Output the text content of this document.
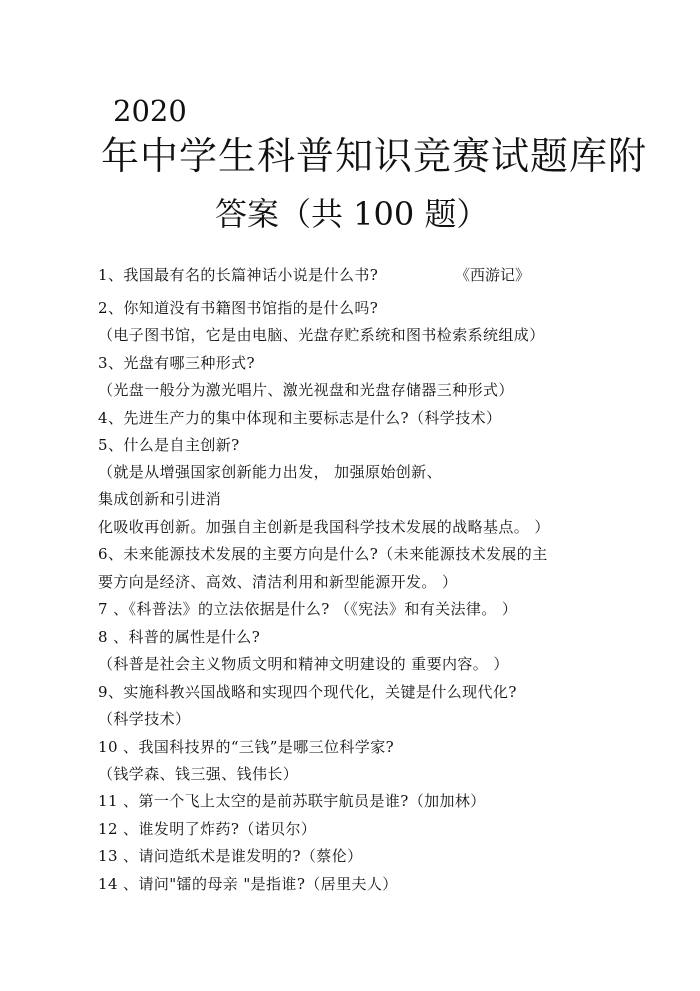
2020
年中学生科普知识竞赛试题库附
答案（共 100 题）
《西游记》
1、我国最有名的长篇神话小说是什么书?
2、你知道没有书籍图书馆指的是什么吗?
（电子图书馆，它是由电脑、光盘存贮系统和图书检索系统组成）
3、光盘有哪三种形式?
（光盘一般分为激光唱片、激光视盘和光盘存储器三种形式）
4、先进生产力的集中体现和主要标志是什么?（科学技术）
5、什么是自主创新?
（就是从增强国家创新能力出发， 加强原始创新、
集成创新和引进消
化吸收再创新。加强自主创新是我国科学技术发展的战略基点。 ）
6、未来能源技术发展的主要方向是什么?（未来能源技术发展的主
要方向是经济、高效、清洁利用和新型能源开发。 ）
7 、《科普法》的立法依据是什么? （《宪法》和有关法律。 ）
8 、科普的属性是什么?
（科普是社会主义物质文明和精神文明建设的 重要内容。 ）
9、实施科教兴国战略和实现四个现代化，关键是什么现代化?
（科学技术）
10 、我国科技界的“三钱”是哪三位科学家?
（钱学森、钱三强、钱伟长）
11 、第一个飞上太空的是前苏联宇航员是谁?（加加林）
12 、谁发明了炸药?（诺贝尔）
13 、请问造纸术是谁发明的?（蔡伦）
14 、请问"镭的母亲 "是指谁?（居里夫人）
